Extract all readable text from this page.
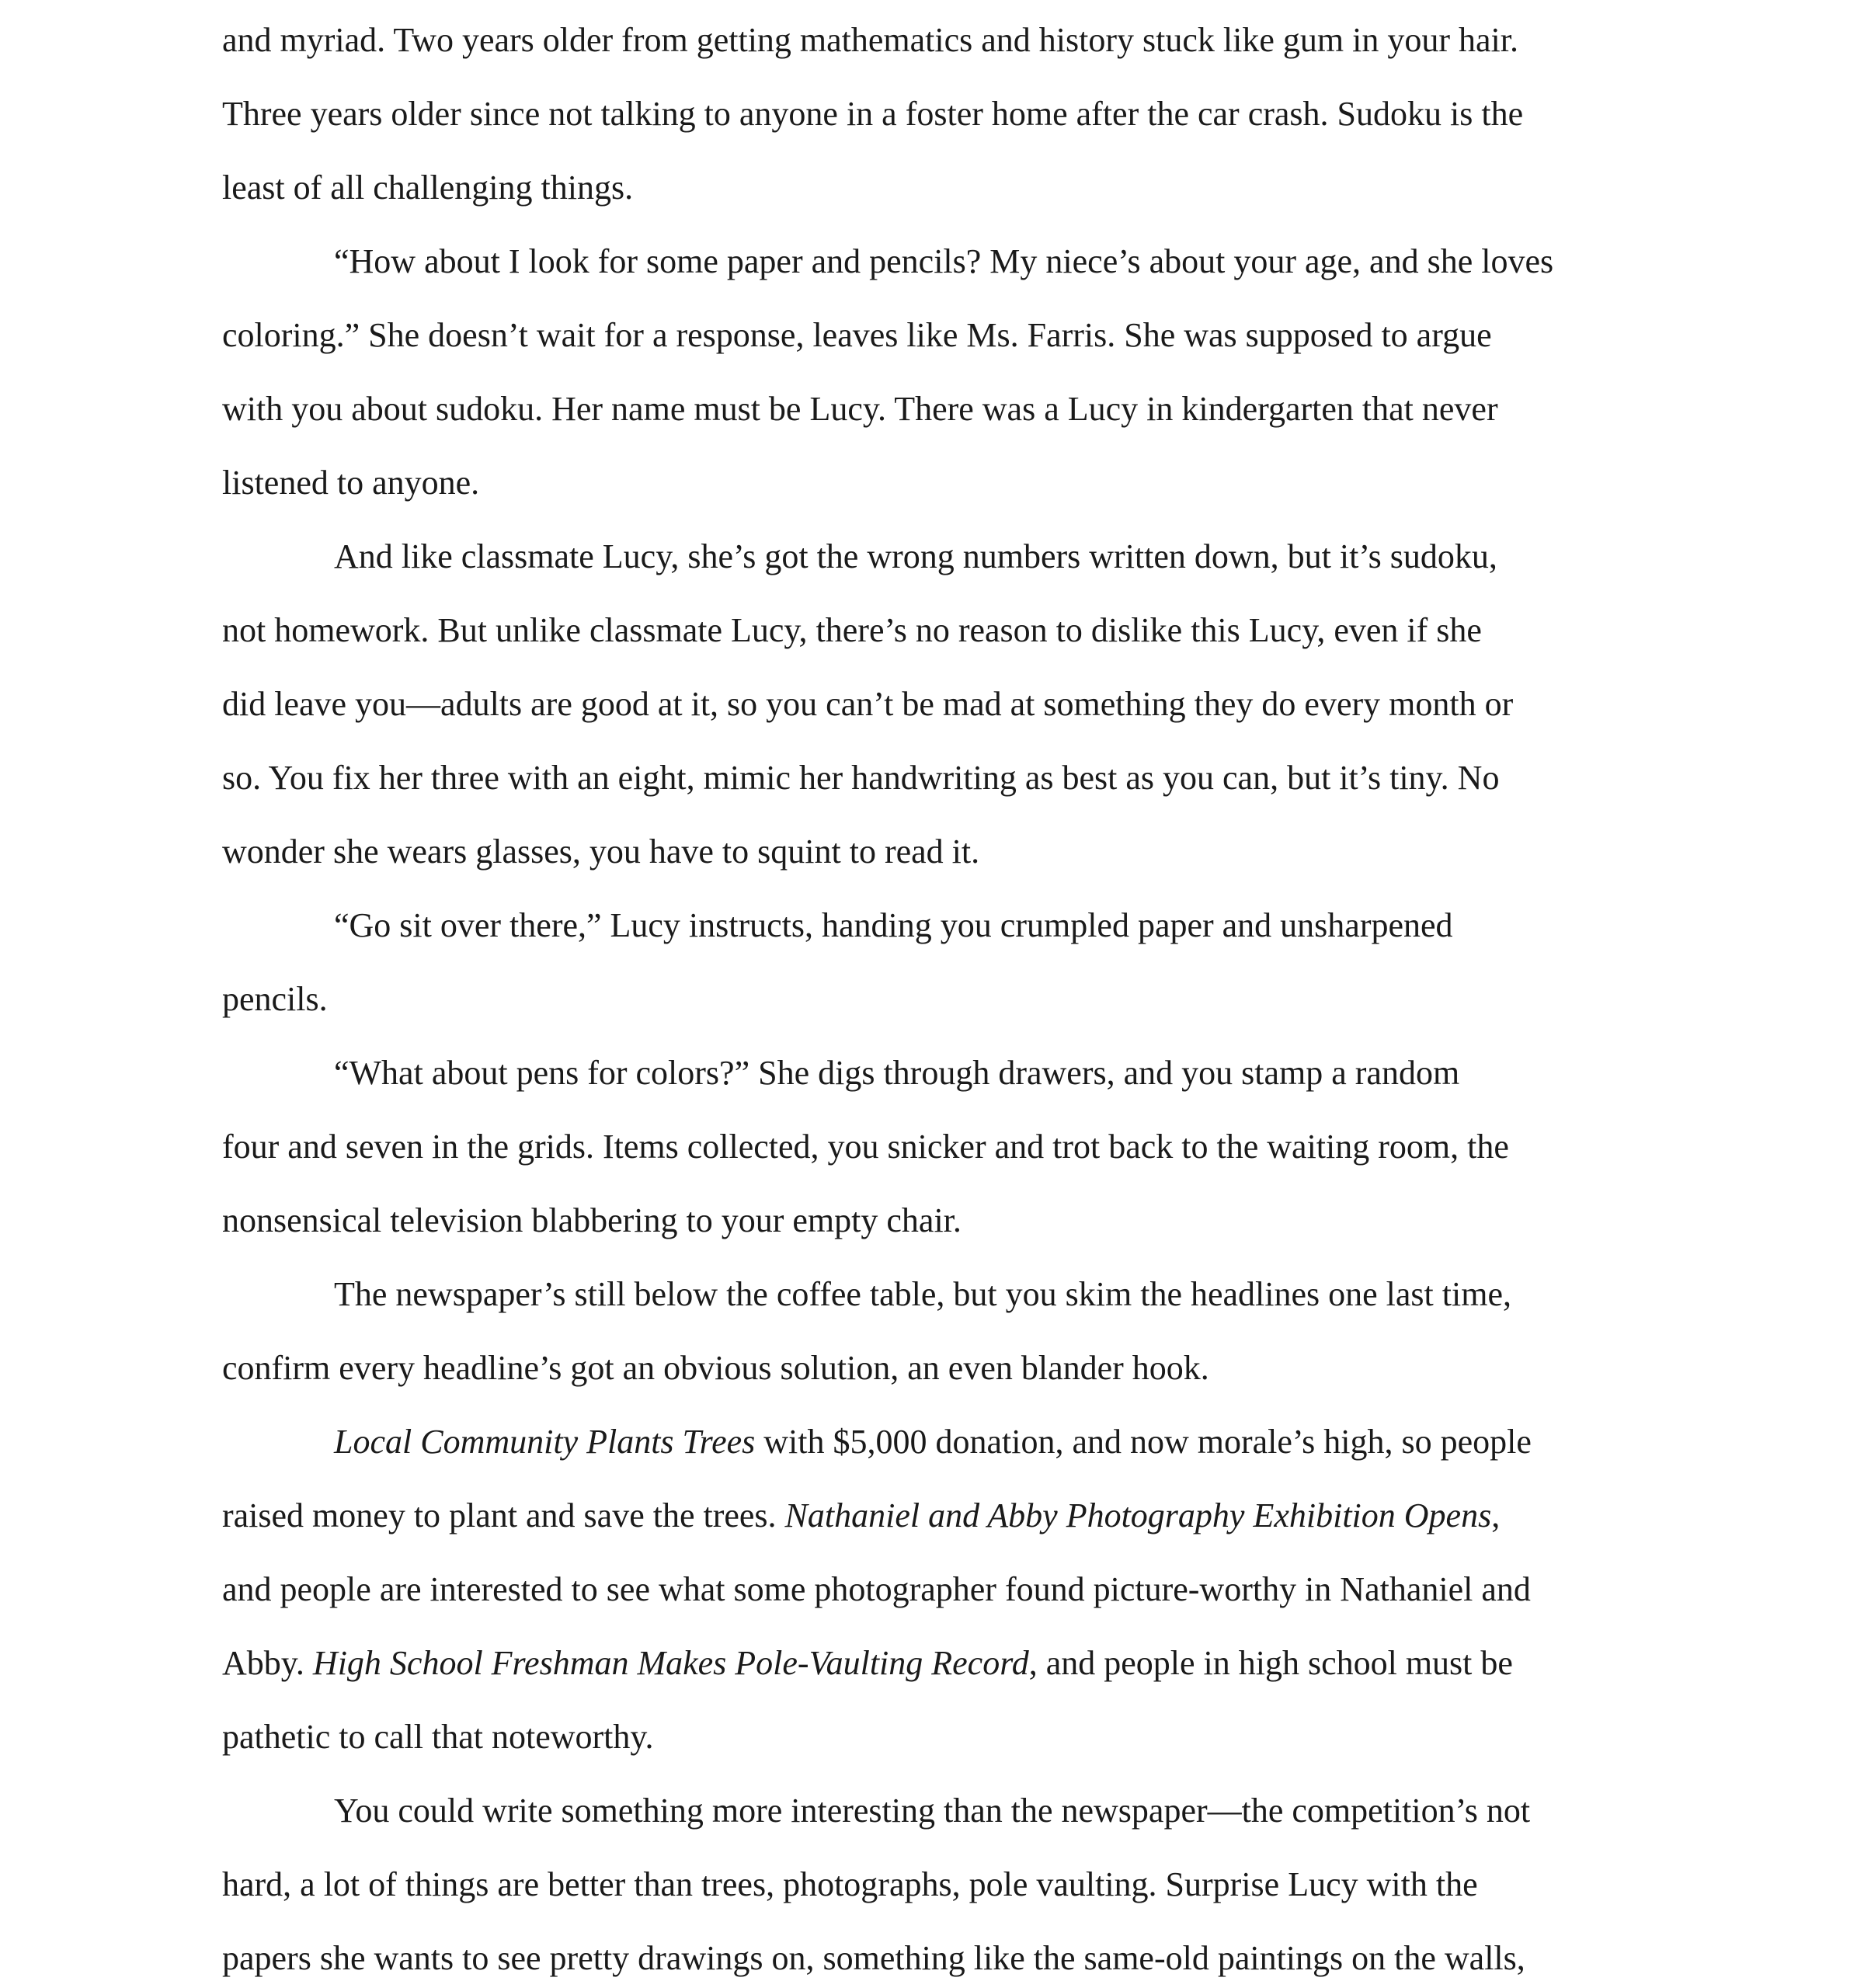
and myriad. Two years older from getting mathematics and history stuck like gum in your hair.
Three years older since not talking to anyone in a foster home after the car crash. Sudoku is the
least of all challenging things.
“How about I look for some paper and pencils? My niece’s about your age, and she loves
coloring.” She doesn’t wait for a response, leaves like Ms. Farris. She was supposed to argue
with you about sudoku. Her name must be Lucy. There was a Lucy in kindergarten that never
listened to anyone.
And like classmate Lucy, she’s got the wrong numbers written down, but it’s sudoku,
not homework. But unlike classmate Lucy, there’s no reason to dislike this Lucy, even if she
did leave you—adults are good at it, so you can’t be mad at something they do every month or
so. You fix her three with an eight, mimic her handwriting as best as you can, but it’s tiny. No
wonder she wears glasses, you have to squint to read it.
“Go sit over there,” Lucy instructs, handing you crumpled paper and unsharpened
pencils.
“What about pens for colors?” She digs through drawers, and you stamp a random
four and seven in the grids. Items collected, you snicker and trot back to the waiting room, the
nonsensical television blabbering to your empty chair.
The newspaper’s still below the coffee table, but you skim the headlines one last time,
confirm every headline’s got an obvious solution, an even blander hook.
Local Community Plants Trees with $5,000 donation, and now morale’s high, so people
raised money to plant and save the trees. Nathaniel and Abby Photography Exhibition Opens,
and people are interested to see what some photographer found picture-worthy in Nathaniel and
Abby. High School Freshman Makes Pole-Vaulting Record, and people in high school must be
pathetic to call that noteworthy.
You could write something more interesting than the newspaper—the competition’s not
hard, a lot of things are better than trees, photographs, pole vaulting. Surprise Lucy with the
papers she wants to see pretty drawings on, something like the same-old paintings on the walls,
